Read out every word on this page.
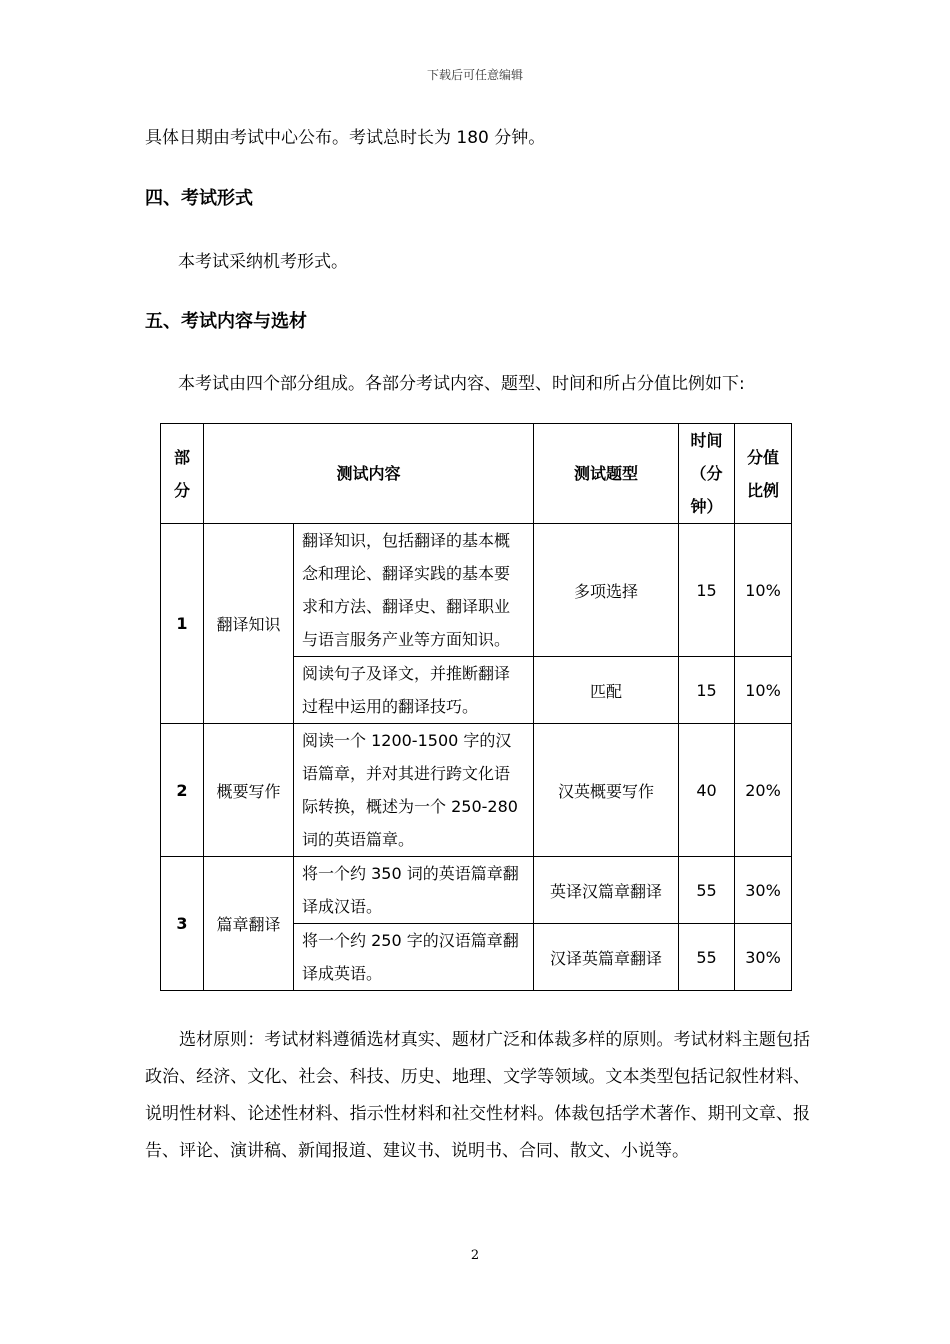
下载后可任意编辑
具体日期由考试中心公布。考试总时长为 180 分钟。
四、考试形式
本考试采纳机考形式。
五、考试内容与选材
本考试由四个部分组成。各部分考试内容、题型、时间和所占分值比例如下:
部分	测试内容		测试题型	时间（分钟）	分值比例
1	翻译知识	翻译知识，包括翻译的基本概念和理论、翻译实践的基本要求和方法、翻译史、翻译职业与语言服务产业等方面知识。	多项选择	15	10%
		阅读句子及译文，并推断翻译过程中运用的翻译技巧。	匹配	15	10%
2	概要写作	阅读一个 1200-1500 字的汉语篇章，并对其进行跨文化语际转换，概述为一个 250-280 词的英语篇章。	汉英概要写作	40	20%
3	篇章翻译	将一个约 350 词的英语篇章翻译成汉语。	英译汉篇章翻译	55	30%
		将一个约 250 字的汉语篇章翻译成英语。	汉译英篇章翻译	55	30%
选材原则：考试材料遵循选材真实、题材广泛和体裁多样的原则。考试材料主题包括政治、经济、文化、社会、科技、历史、地理、文学等领域。文本类型包括记叙性材料、说明性材料、论述性材料、指示性材料和社交性材料。体裁包括学术著作、期刊文章、报告、评论、演讲稿、新闻报道、建议书、说明书、合同、散文、小说等。
2
